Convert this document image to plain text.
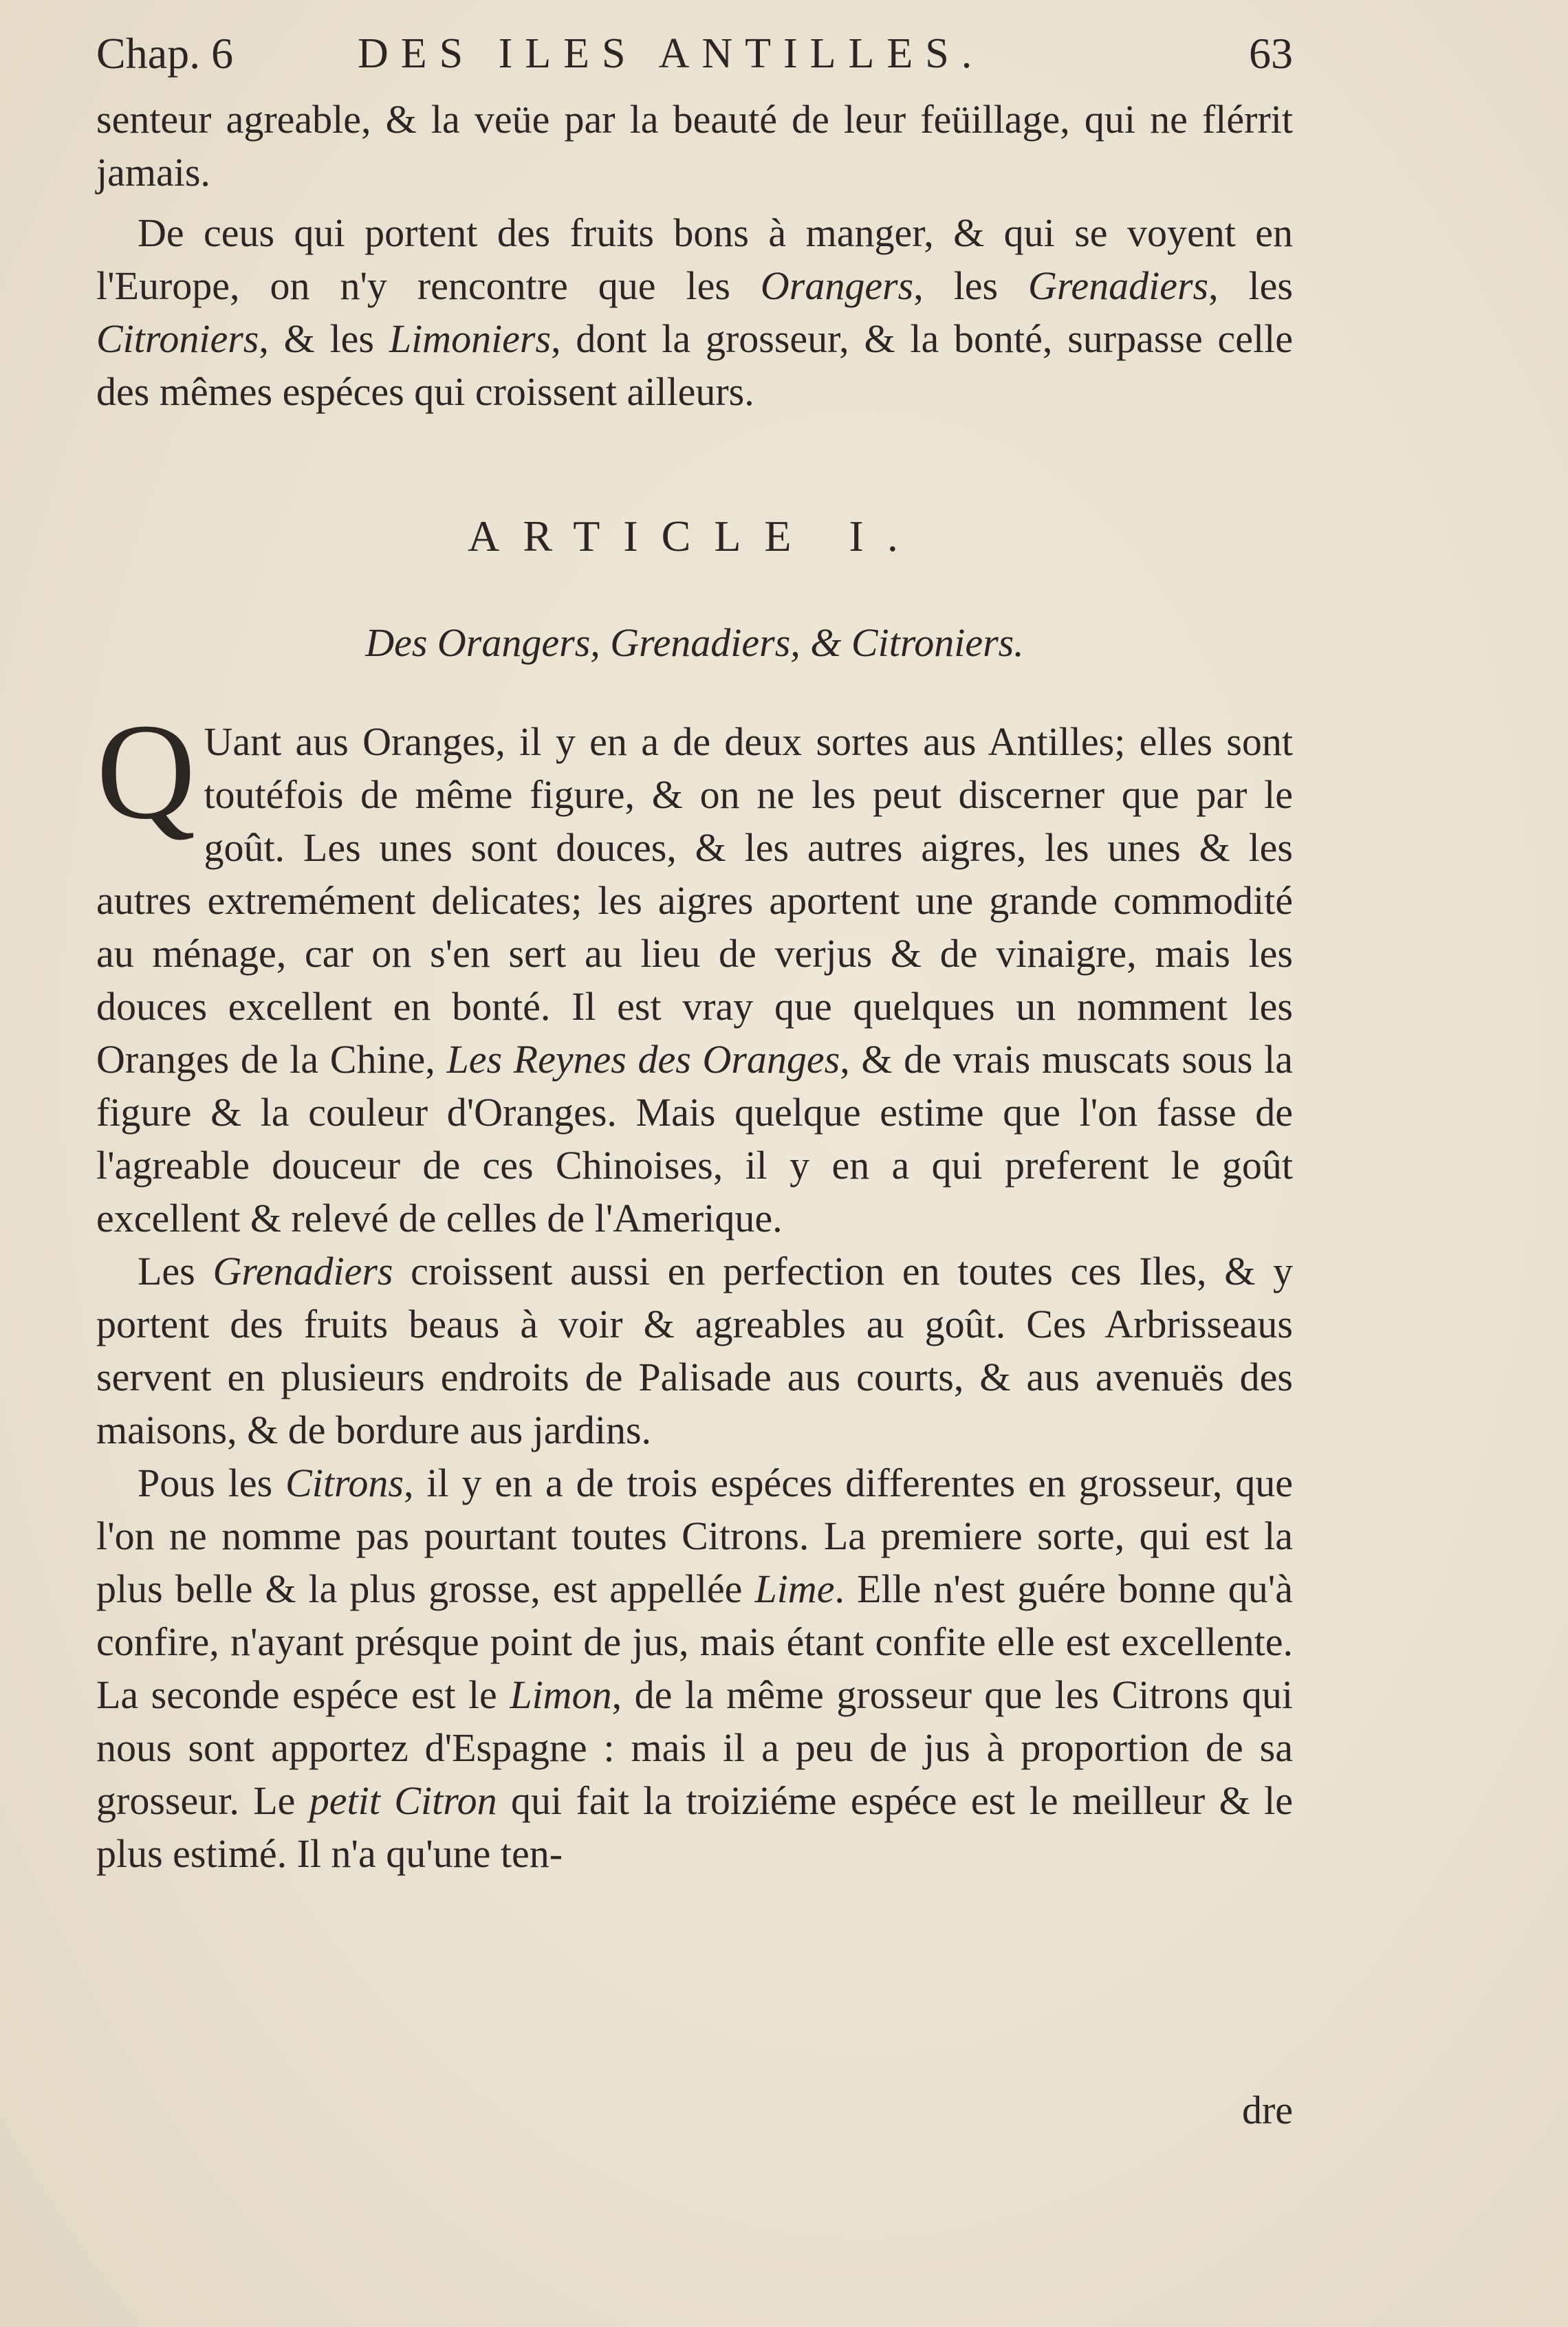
Chap. 6	DES ILES ANTILLES.	63

senteur agreable, & la veüe par la beauté de leur feüillage, qui ne flérrit jamais.

De ceus qui portent des fruits bons à manger, & qui se voyent en l'Europe, on n'y rencontre que les Orangers, les Grenadiers, les Citroniers, & les Limoniers, dont la grosseur, & la bonté, surpasse celle des mêmes espéces qui croissent ailleurs.

ARTICLE I.
Des Orangers, Grenadiers, & Citroniers.

Q Uant aus Oranges, il y en a de deux sortes aus Antilles; elles sont toutéfois de même figure, & on ne les peut discerner que par le goût. Les unes sont douces, & les autres aigres, les unes & les autres extremément delicates; les aigres aportent une grande commodité au ménage, car on s'en sert au lieu de verjus & de vinaigre, mais les douces excellent en bonté. Il est vray que quelques un nomment les Oranges de la Chine, Les Reynes des Oranges, & de vrais muscats sous la figure & la couleur d'Oranges. Mais quelque estime que l'on fasse de l'agreable douceur de ces Chinoises, il y en a qui preferent le goût excellent & relevé de celles de l'Amerique.

Les Grenadiers croissent aussi en perfection en toutes ces Iles, & y portent des fruits beaus à voir & agreables au goût. Ces Arbrisseaus servent en plusieurs endroits de Palisade aus courts, & aus avenuës des maisons, & de bordure aus jardins.

Pous les Citrons, il y en a de trois espéces differentes en grosseur, que l'on ne nomme pas pourtant toutes Citrons. La premiere sorte, qui est la plus belle & la plus grosse, est appellée Lime. Elle n'est guére bonne qu'à confire, n'ayant présque point de jus, mais étant confite elle est excellente. La seconde espéce est le Limon, de la même grosseur que les Citrons qui nous sont apportez d'Espagne : mais il a peu de jus à proportion de sa grosseur. Le petit Citron qui fait la troiziéme espéce est le meilleur & le plus estimé. Il n'a qu'une ten-

dre
